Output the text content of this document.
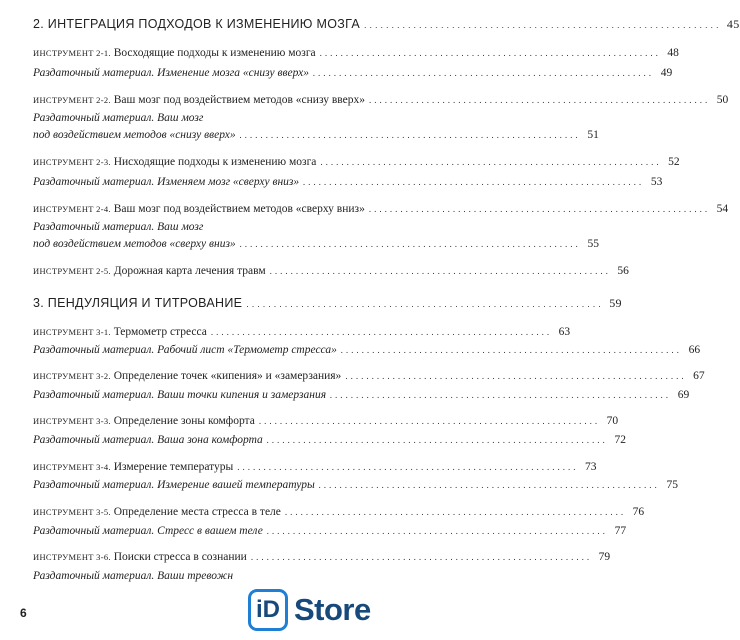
2. ИНТЕГРАЦИЯ ПОДХОДОВ К ИЗМЕНЕНИЮ МОЗГА ................................................................. 45
ИНСТРУМЕНТ 2-1. Восходящие подходы к изменению мозга ................................................................. 48
Раздаточный материал. Изменение мозга «снизу вверх» ................................................................. 49
ИНСТРУМЕНТ 2-2. Ваш мозг под воздействием методов «снизу вверх» ................................................................. 50
Раздаточный материал. Ваш мозг
под воздействием методов «снизу вверх» ................................................................. 51
ИНСТРУМЕНТ 2-3. Нисходящие подходы к изменению мозга ................................................................. 52
Раздаточный материал. Изменяем мозг «сверху вниз» ................................................................. 53
ИНСТРУМЕНТ 2-4. Ваш мозг под воздействием методов «сверху вниз» ................................................................. 54
Раздаточный материал. Ваш мозг
под воздействием методов «сверху вниз» ................................................................. 55
ИНСТРУМЕНТ 2-5. Дорожная карта лечения травм ................................................................. 56
3. ПЕНДУЛЯЦИЯ И ТИТРОВАНИЕ ................................................................. 59
ИНСТРУМЕНТ 3-1. Термометр стресса ................................................................. 63
Раздаточный материал. Рабочий лист «Термометр стресса» ................................................................. 66
ИНСТРУМЕНТ 3-2. Определение точек «кипения» и «замерзания» ................................................................. 67
Раздаточный материал. Ваши точки кипения и замерзания ................................................................. 69
ИНСТРУМЕНТ 3-3. Определение зоны комфорта ................................................................. 70
Раздаточный материал. Ваша зона комфорта ................................................................. 72
ИНСТРУМЕНТ 3-4. Измерение температуры ................................................................. 73
Раздаточный материал. Измерение вашей температуры ................................................................. 75
ИНСТРУМЕНТ 3-5. Определение места стресса в теле ................................................................. 76
Раздаточный материал. Стресс в вашем теле ................................................................. 77
ИНСТРУМЕНТ 3-6. Поиски стресса в сознании ................................................................. 79
Раздаточный материал. Ваши тревожн
6	iD Store
